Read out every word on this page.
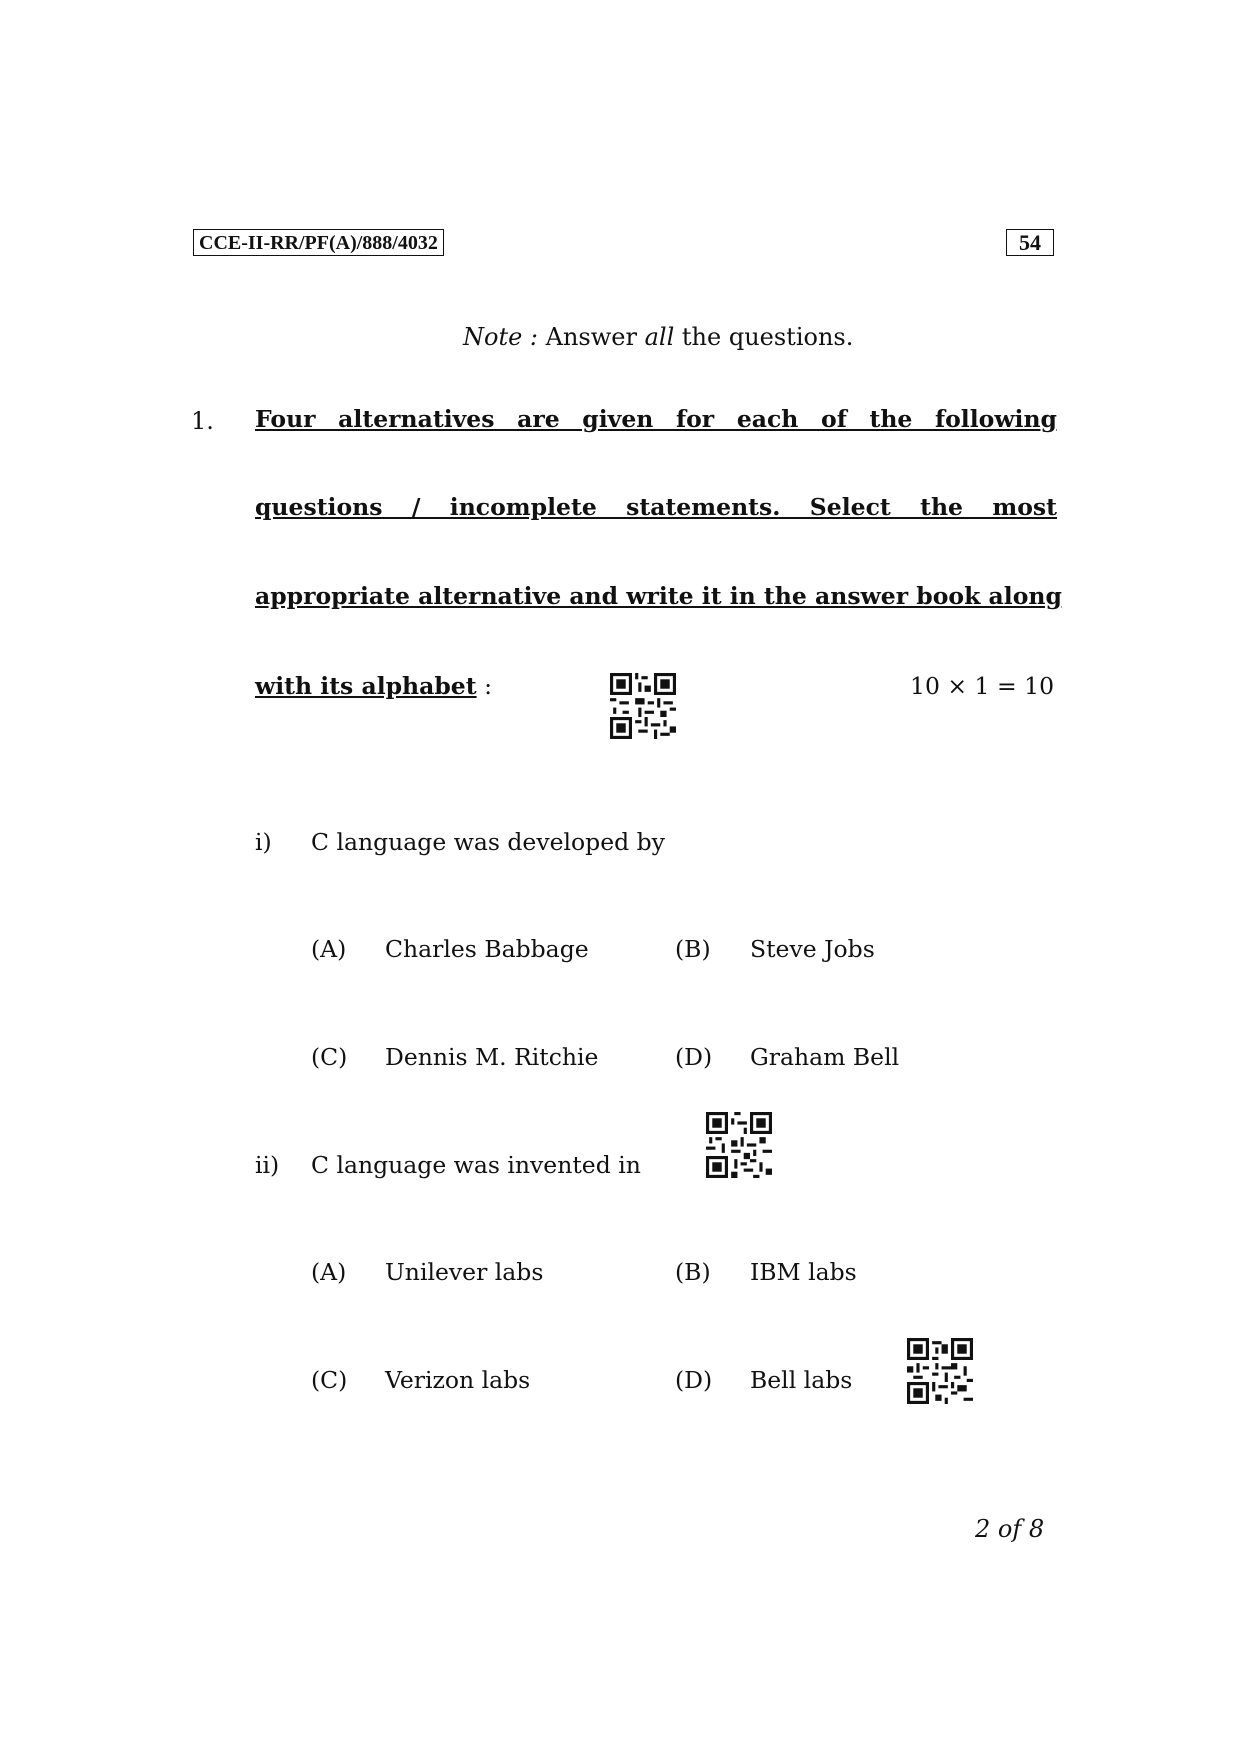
CCE-II-RR/PF(A)/888/4032	54
Note : Answer all the questions.
1. Four alternatives are given for each of the following
questions / incomplete statements. Select the most
appropriate alternative and write it in the answer book along
with its alphabet :	10 × 1 = 10
i) C language was developed by
(A) Charles Babbage	(B) Steve Jobs
(C) Dennis M. Ritchie	(D) Graham Bell
ii) C language was invented in
(A) Unilever labs	(B) IBM labs
(C) Verizon labs	(D) Bell labs
2 of 8
